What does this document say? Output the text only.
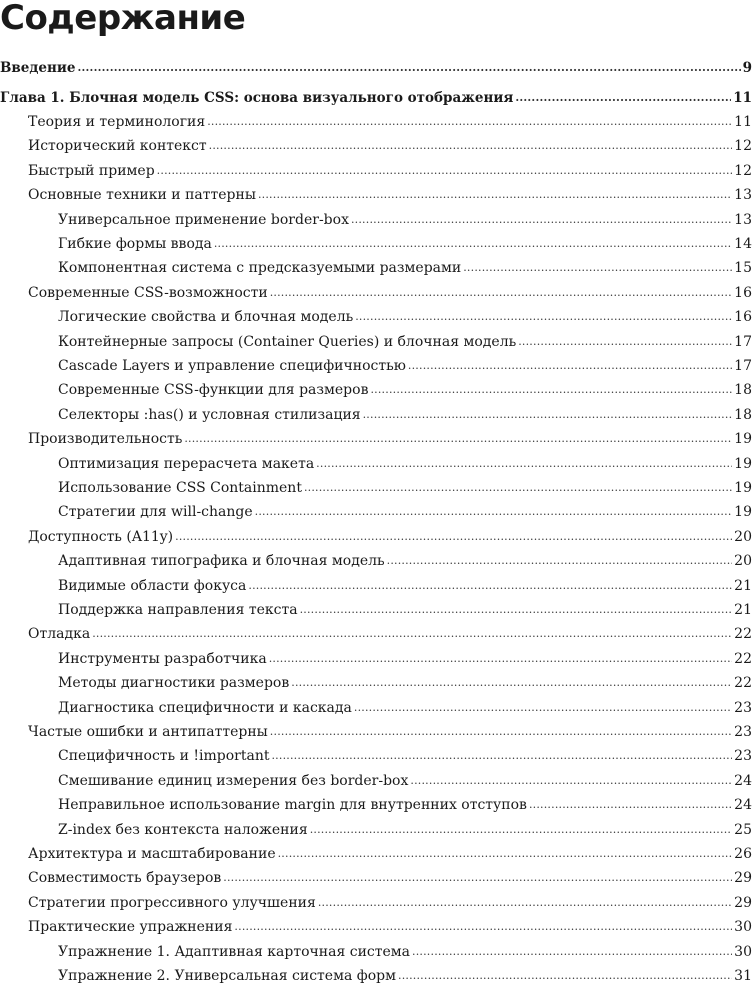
Содержание
Введение .....	9
Глава 1. Блочная модель CSS: основа визуального отображения .....	11
Теория и терминология .....	11
Исторический контекст .....	12
Быстрый пример .....	12
Основные техники и паттерны .....	13
Универсальное применение border-box .....	13
Гибкие формы ввода .....	14
Компонентная система с предсказуемыми размерами .....	15
Современные CSS-возможности .....	16
Логические свойства и блочная модель .....	16
Контейнерные запросы (Container Queries) и блочная модель .....	17
Cascade Layers и управление специфичностью .....	17
Современные CSS-функции для размеров .....	18
Селекторы :has() и условная стилизация .....	18
Производительность .....	19
Оптимизация перерасчета макета .....	19
Использование CSS Containment .....	19
Стратегии для will-change .....	19
Доступность (A11y) .....	20
Адаптивная типографика и блочная модель .....	20
Видимые области фокуса .....	21
Поддержка направления текста .....	21
Отладка .....	22
Инструменты разработчика .....	22
Методы диагностики размеров .....	22
Диагностика специфичности и каскада .....	23
Частые ошибки и антипаттерны .....	23
Специфичность и !important .....	23
Смешивание единиц измерения без border-box .....	24
Неправильное использование margin для внутренних отступов .....	24
Z-index без контекста наложения .....	25
Архитектура и масштабирование .....	26
Совместимость браузеров .....	29
Стратегии прогрессивного улучшения .....	29
Практические упражнения .....	30
Упражнение 1. Адаптивная карточная система .....	30
Упражнение 2. Универсальная система форм .....	31
